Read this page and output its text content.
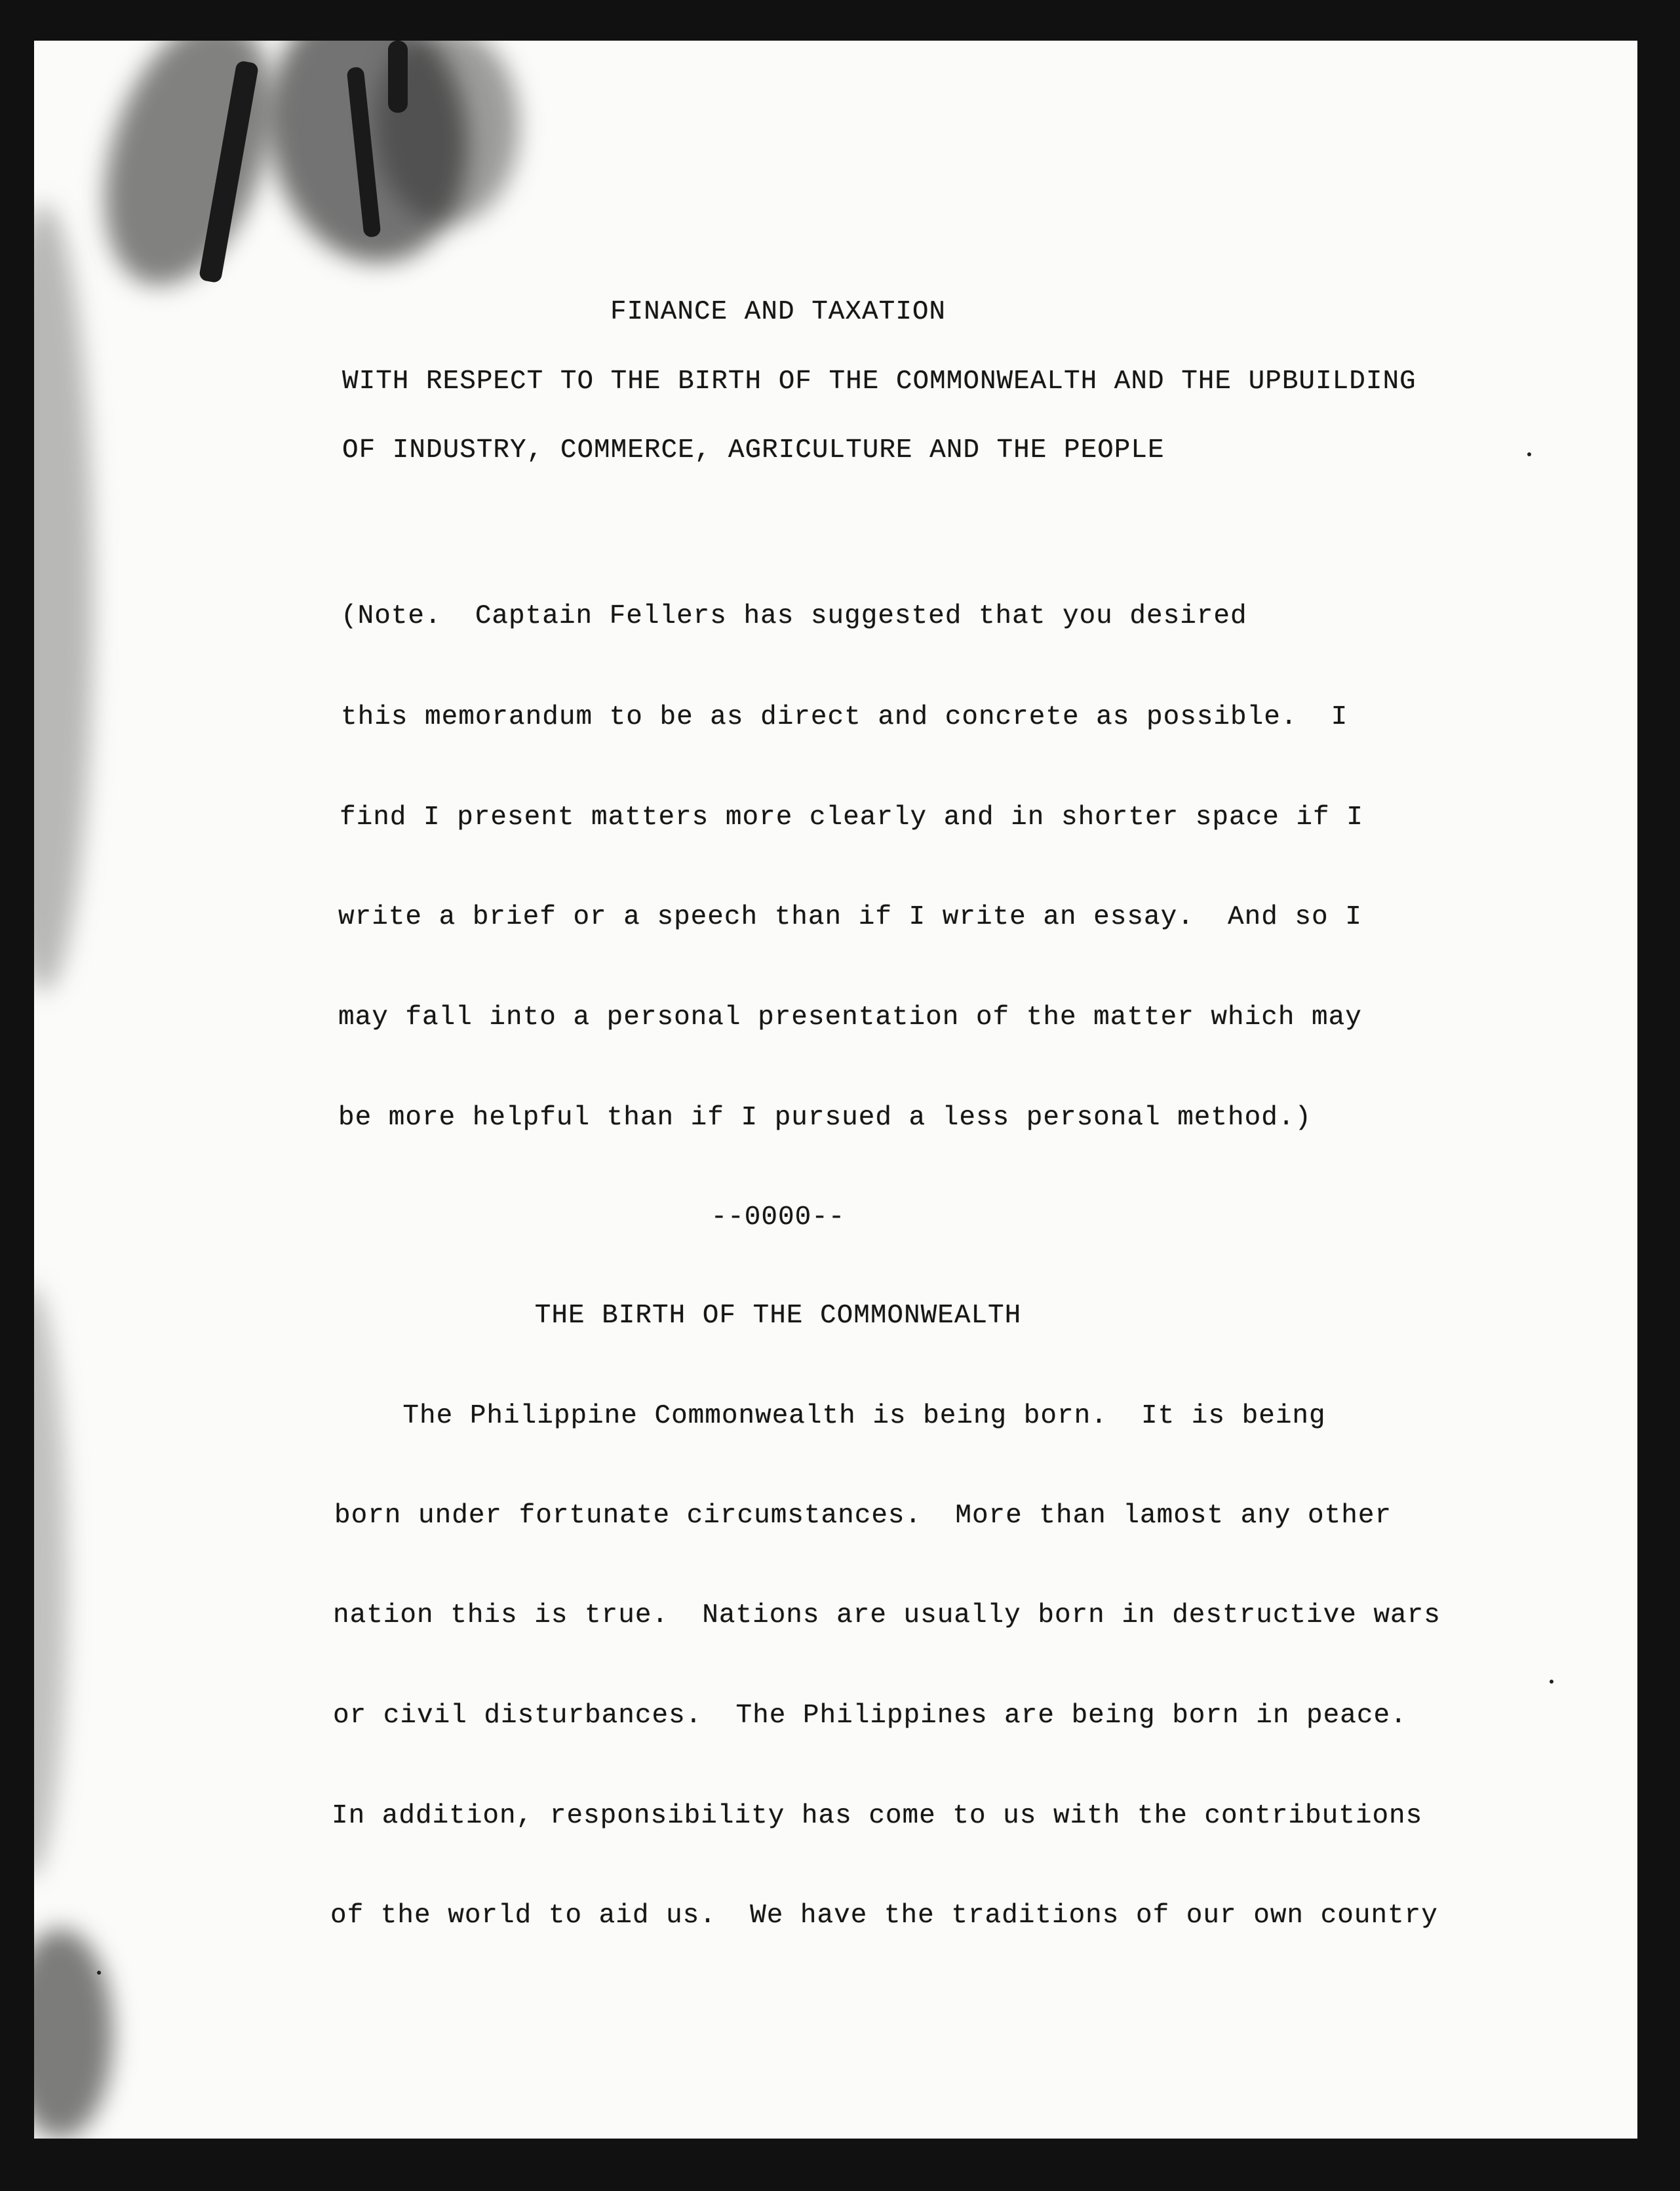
FINANCE AND TAXATION
WITH RESPECT TO THE BIRTH OF THE COMMONWEALTH AND THE UPBUILDING
OF INDUSTRY, COMMERCE, AGRICULTURE AND THE PEOPLE
(Note.  Captain Fellers has suggested that you desired
this memorandum to be as direct and concrete as possible.  I
find I present matters more clearly and in shorter space if I
write a brief or a speech than if I write an essay.  And so I
may fall into a personal presentation of the matter which may
be more helpful than if I pursued a less personal method.)
--0000--
THE BIRTH OF THE COMMONWEALTH
The Philippine Commonwealth is being born.  It is being
born under fortunate circumstances.  More than lamost any other
nation this is true.  Nations are usually born in destructive wars
or civil disturbances.  The Philippines are being born in peace.
In addition, responsibility has come to us with the contributions
of the world to aid us.  We have the traditions of our own country
